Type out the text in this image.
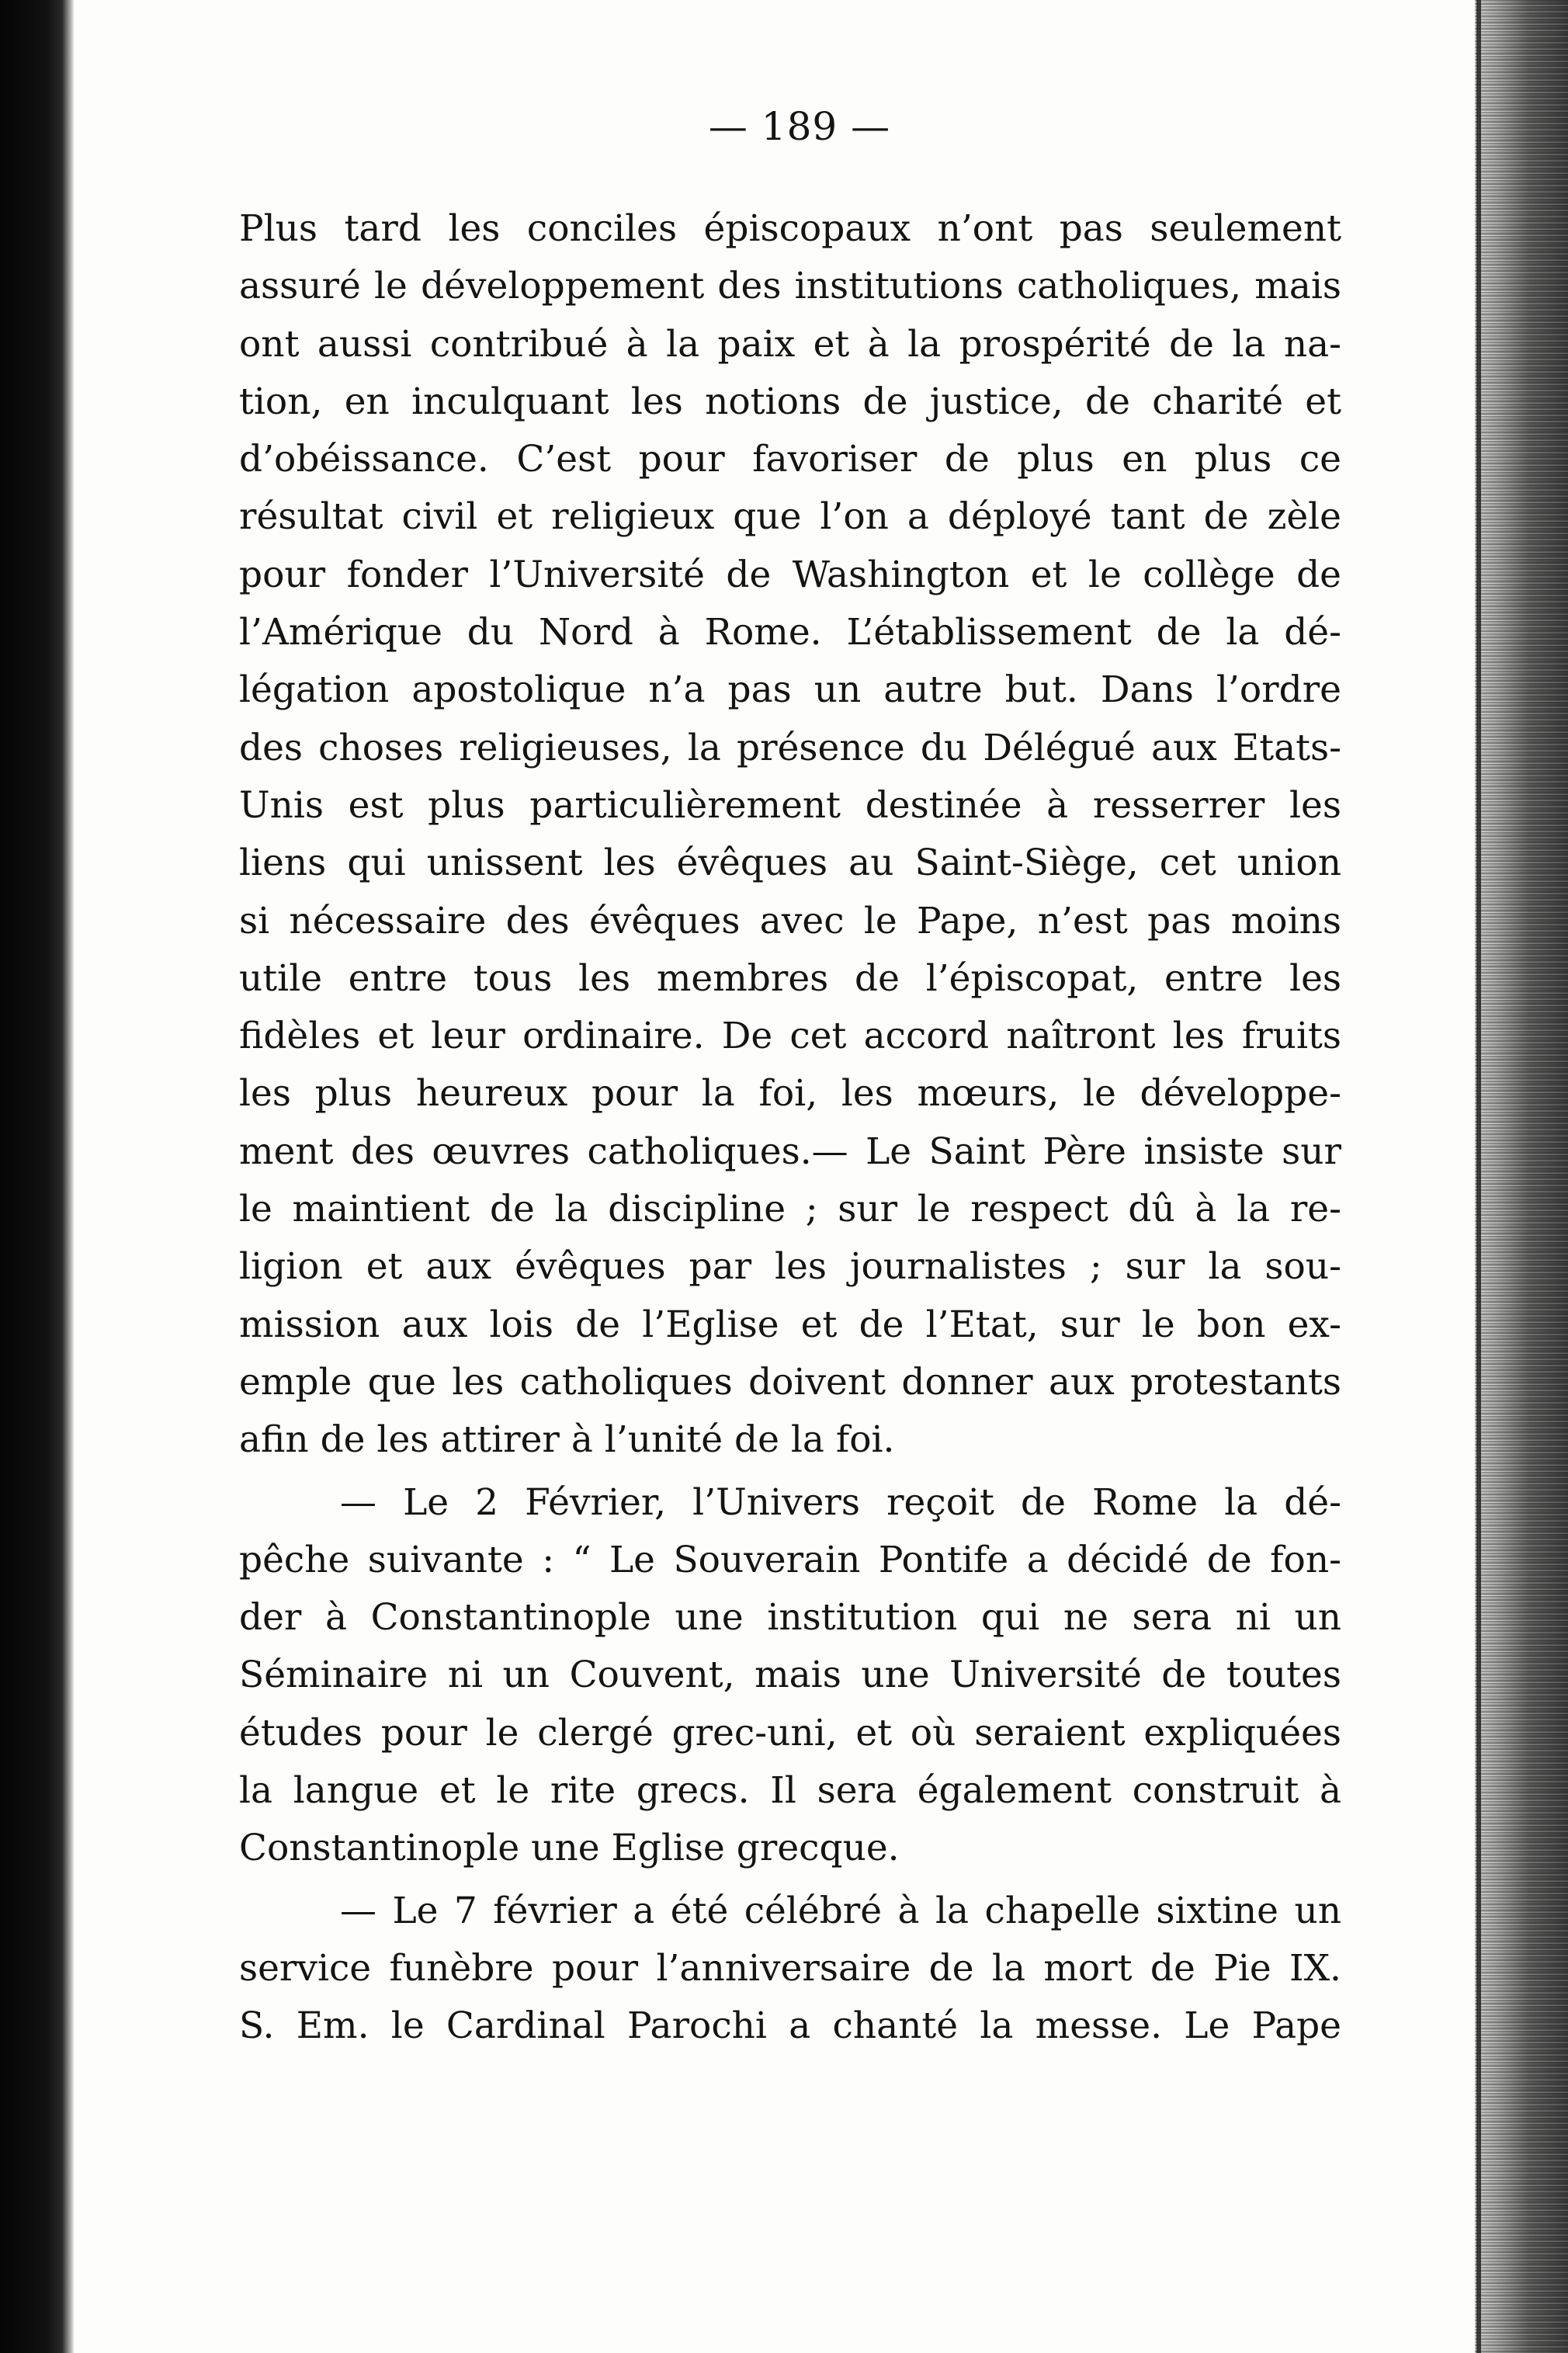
— 189 —
Plus tard les conciles épiscopaux n’ont pas seulement
assuré le développement des institutions catholiques, mais
ont aussi contribué à la paix et à la prospérité de la na-
tion, en inculquant les notions de justice, de charité et
d’obéissance. C’est pour favoriser de plus en plus ce
résultat civil et religieux que l’on a déployé tant de zèle
pour fonder l’Université de Washington et le collège de
l’Amérique du Nord à Rome. L’établissement de la dé-
légation apostolique n’a pas un autre but. Dans l’ordre
des choses religieuses, la présence du Délégué aux Etats-
Unis est plus particulièrement destinée à resserrer les
liens qui unissent les évêques au Saint-Siège, cet union
si nécessaire des évêques avec le Pape, n’est pas moins
utile entre tous les membres de l’épiscopat, entre les
fidèles et leur ordinaire. De cet accord naîtront les fruits
les plus heureux pour la foi, les mœurs, le développe-
ment des œuvres catholiques.— Le Saint Père insiste sur
le maintient de la discipline ; sur le respect dû à la re-
ligion et aux évêques par les journalistes ; sur la sou-
mission aux lois de l’Eglise et de l’Etat, sur le bon ex-
emple que les catholiques doivent donner aux protestants
afin de les attirer à l’unité de la foi.
— Le 2 Février, l’Univers reçoit de Rome la dé-
pêche suivante : “ Le Souverain Pontife a décidé de fon-
der à Constantinople une institution qui ne sera ni un
Séminaire ni un Couvent, mais une Université de toutes
études pour le clergé grec-uni, et où seraient expliquées
la langue et le rite grecs. Il sera également construit à
Constantinople une Eglise grecque.
— Le 7 février a été célébré à la chapelle sixtine un
service funèbre pour l’anniversaire de la mort de Pie IX.
S. Em. le Cardinal Parochi a chanté la messe. Le Pape
